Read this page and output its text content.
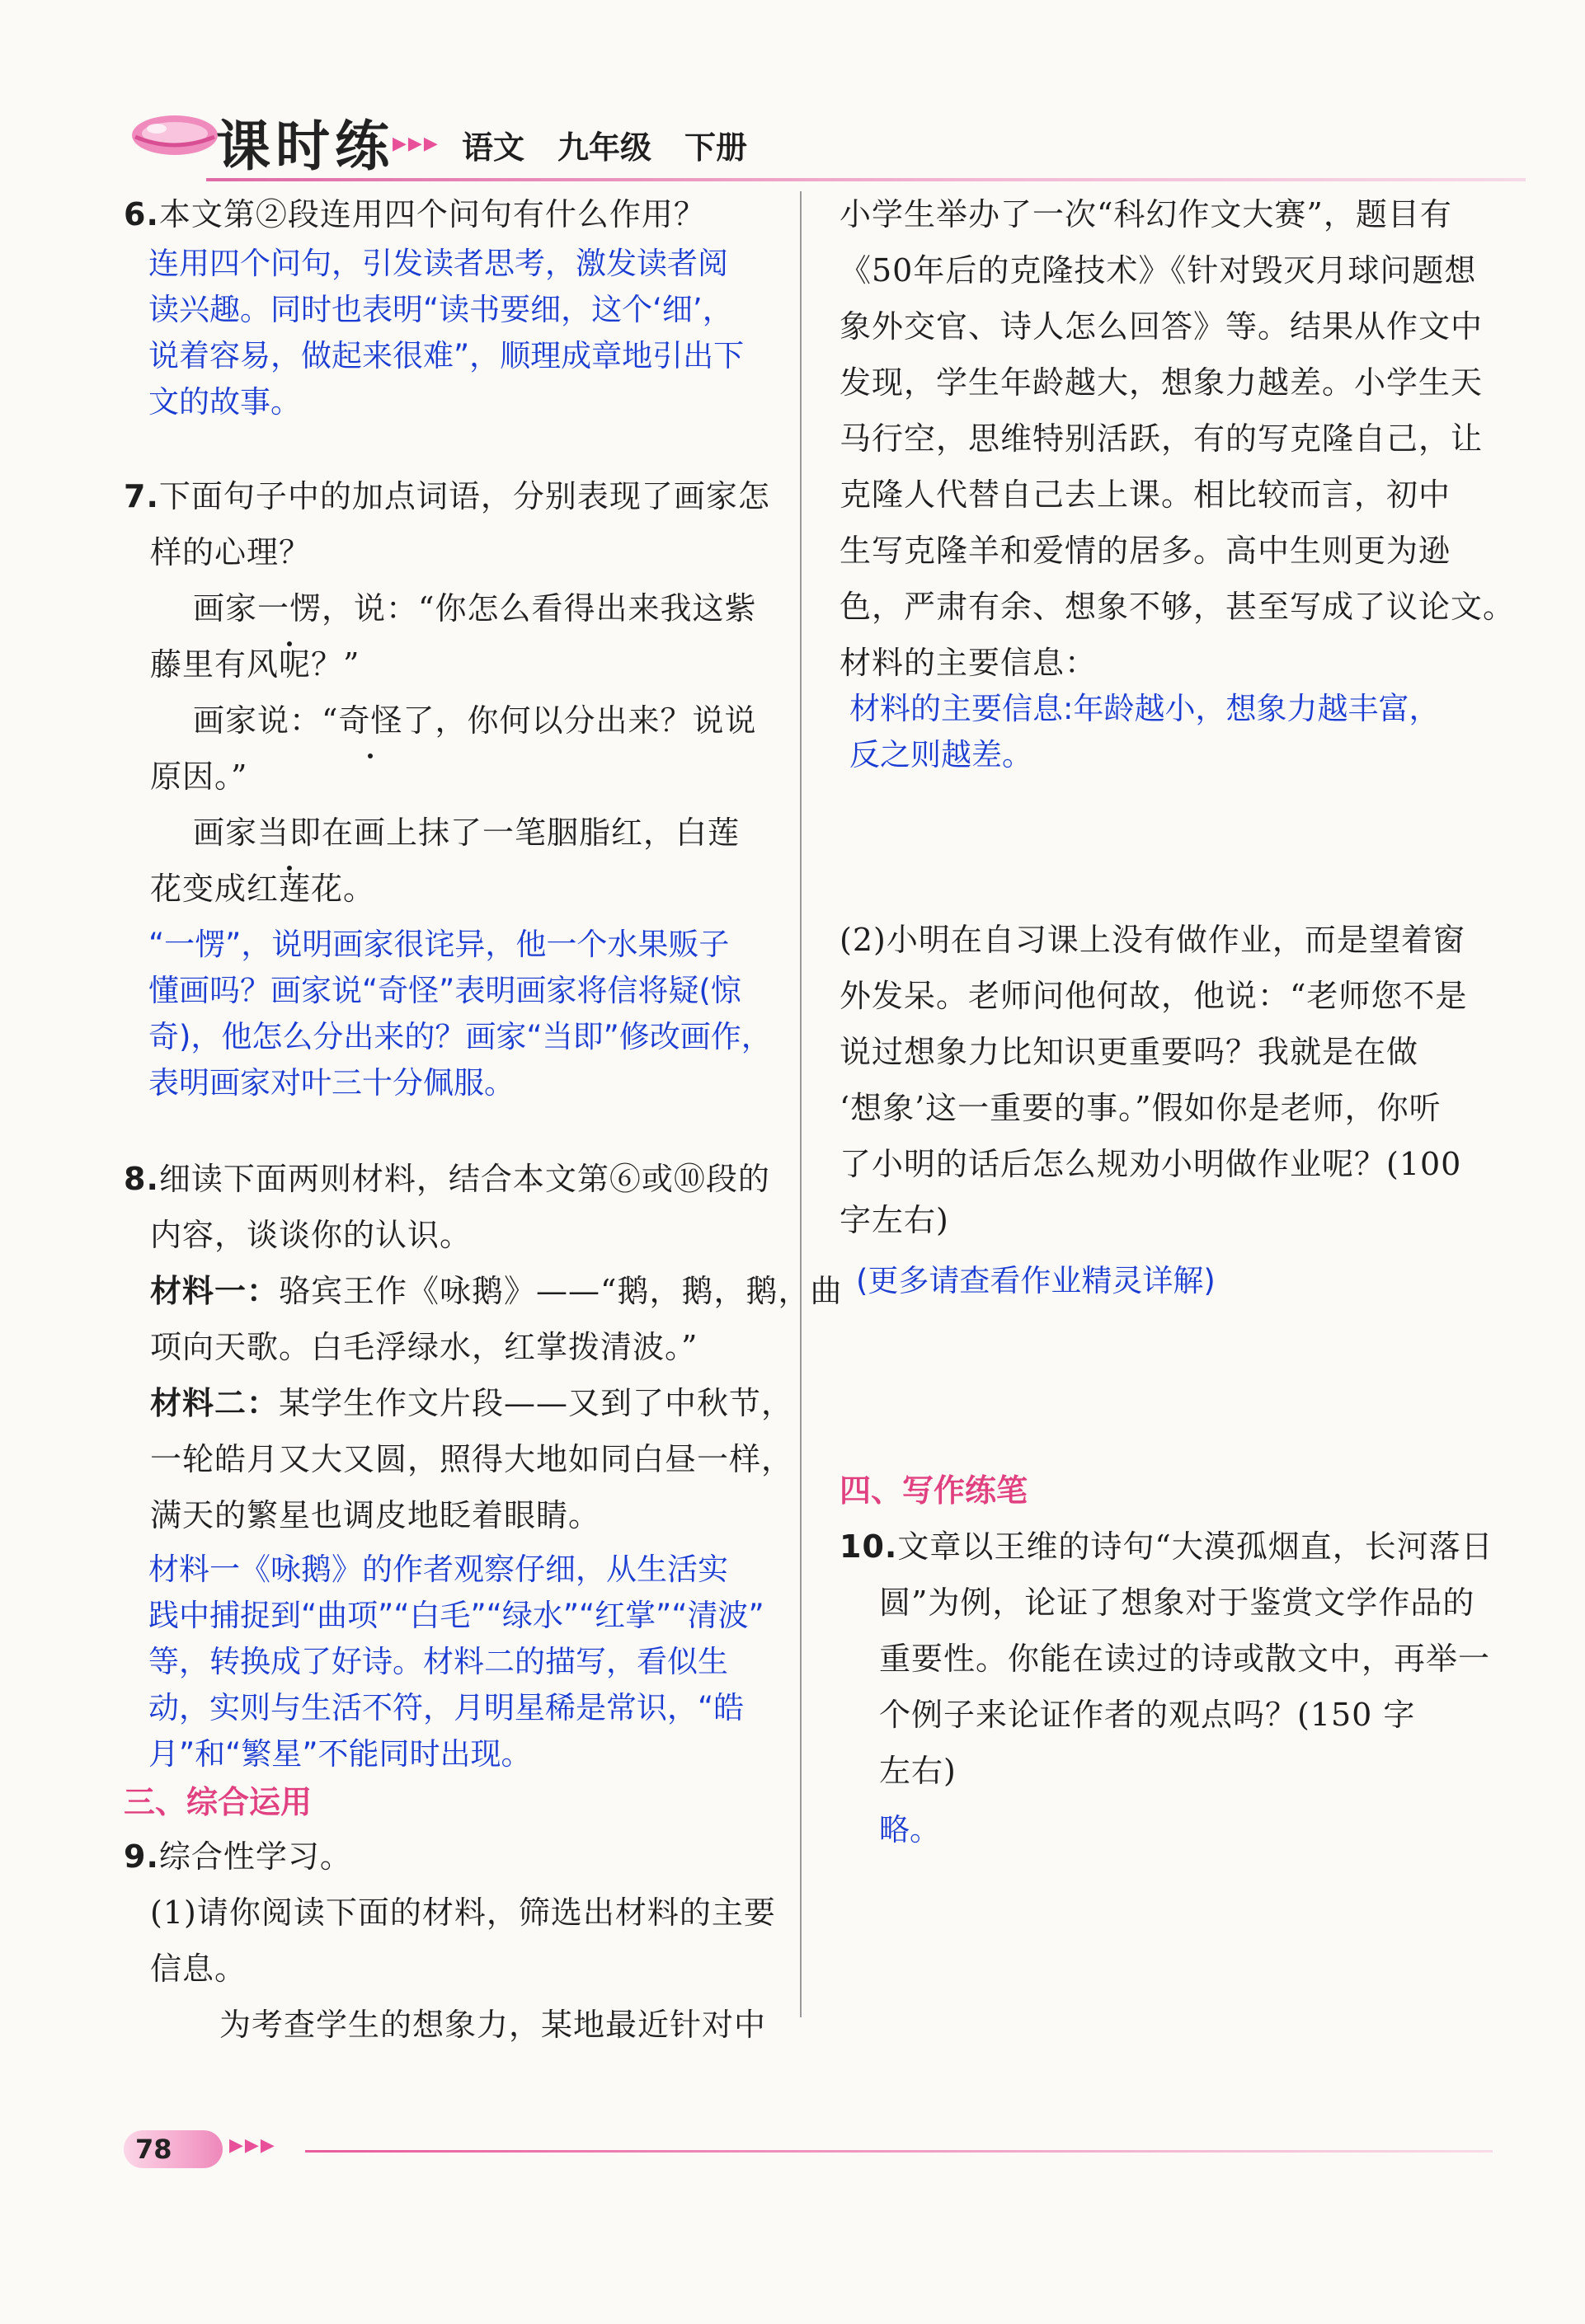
课时练
▶▶▶ 语文 九年级 下册
6.本文第②段连用四个问句有什么作用？
连用四个问句，引发读者思考，激发读者阅
读兴趣。同时也表明“读书要细，这个‘细’，
说着容易，做起来很难”，顺理成章地引出下
文的故事。
7.下面句子中的加点词语，分别表现了画家怎
样的心理？
画家一愣，说：“你怎么看得出来我这紫
藤里有风呢？”
画家说：“奇怪了，你何以分出来？说说
原因。”
画家当即在画上抹了一笔胭脂红，白莲
花变成红莲花。
“一愣”，说明画家很诧异，他一个水果贩子
懂画吗？画家说“奇怪”表明画家将信将疑(惊
奇)，他怎么分出来的？画家“当即”修改画作，
表明画家对叶三十分佩服。
8.细读下面两则材料，结合本文第⑥或⑩段的
内容，谈谈你的认识。
材料一：骆宾王作《咏鹅》——“鹅，鹅，鹅，曲
项向天歌。白毛浮绿水，红掌拨清波。”
材料二：某学生作文片段——又到了中秋节，
一轮皓月又大又圆，照得大地如同白昼一样，
满天的繁星也调皮地眨着眼睛。
材料一《咏鹅》的作者观察仔细，从生活实
践中捕捉到“曲项”“白毛”“绿水”“红掌”“清波”
等，转换成了好诗。材料二的描写，看似生
动，实则与生活不符，月明星稀是常识，“皓
月”和“繁星”不能同时出现。
三、综合运用
9.综合性学习。
(1)请你阅读下面的材料，筛选出材料的主要
信息。
为考查学生的想象力，某地最近针对中
小学生举办了一次“科幻作文大赛”，题目有
《50年后的克隆技术》《针对毁灭月球问题想
象外交官、诗人怎么回答》等。结果从作文中
发现，学生年龄越大，想象力越差。小学生天
马行空，思维特别活跃，有的写克隆自己，让
克隆人代替自己去上课。相比较而言，初中
生写克隆羊和爱情的居多。高中生则更为逊
色，严肃有余、想象不够，甚至写成了议论文。
材料的主要信息：
材料的主要信息:年龄越小，想象力越丰富，
反之则越差。
(2)小明在自习课上没有做作业，而是望着窗
外发呆。老师问他何故，他说：“老师您不是
说过想象力比知识更重要吗？我就是在做
‘想象’这一重要的事。”假如你是老师，你听
了小明的话后怎么规劝小明做作业呢？(100
字左右)
(更多请查看作业精灵详解)
四、写作练笔
10.文章以王维的诗句“大漠孤烟直，长河落日
圆”为例，论证了想象对于鉴赏文学作品的
重要性。你能在读过的诗或散文中，再举一
个例子来论证作者的观点吗？(150 字
左右)
略。
78	▶▶▶
